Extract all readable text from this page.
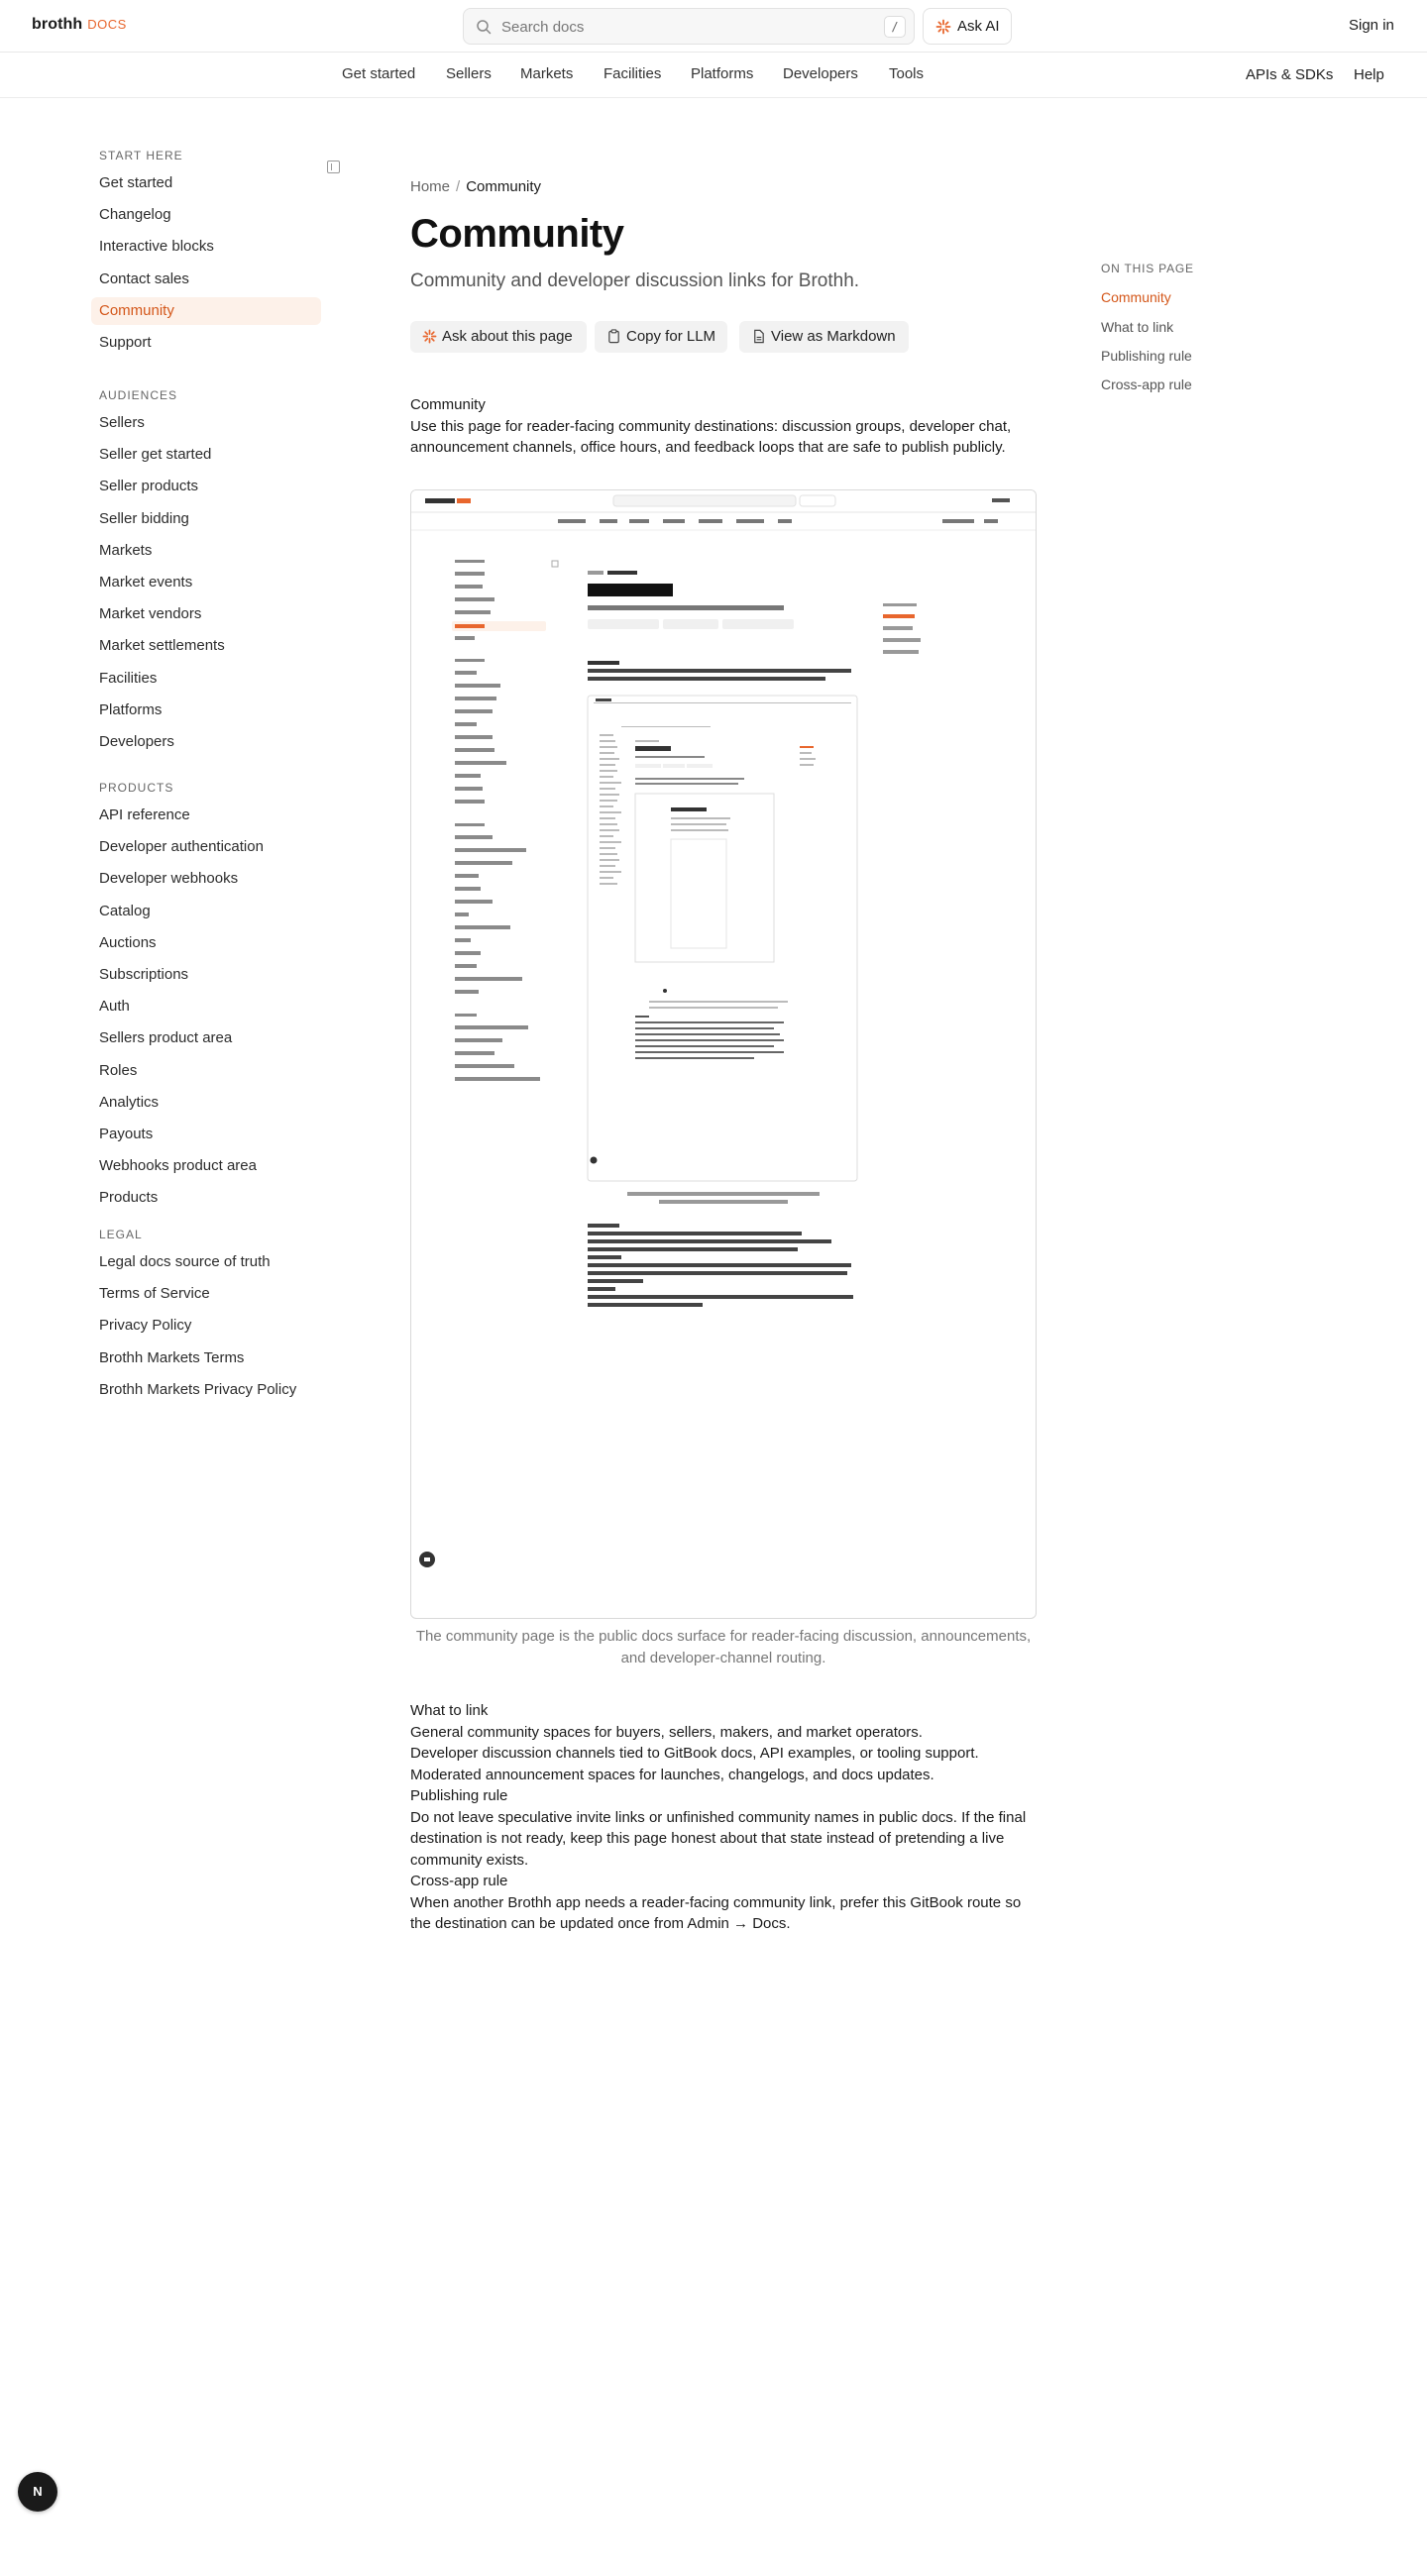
brothh DOCS	Search docs	/	Ask AI	Sign in
Get started Sellers Markets Facilities Platforms Developers Tools	APIs & SDKs Help
START HERE
Get started
Changelog
Interactive blocks
Contact sales
Community
Support
AUDIENCES
Sellers
Seller get started
Seller products
Seller bidding
Markets
Market events
Market vendors
Market settlements
Facilities
Platforms
Developers
PRODUCTS
API reference
Developer authentication
Developer webhooks
Catalog
Auctions
Subscriptions
Auth
Sellers product area
Roles
Analytics
Payouts
Webhooks product area
Products
LEGAL
Legal docs source of truth
Terms of Service
Privacy Policy
Brothh Markets Terms
Brothh Markets Privacy Policy
Home / Community
Community
Community and developer discussion links for Brothh.
Ask about this page	Copy for LLM	View as Markdown
Community
Use this page for reader-facing community destinations: discussion groups, developer chat, announcement channels, office hours, and feedback loops that are safe to publish publicly.
The community page is the public docs surface for reader-facing discussion, announcements, and developer-channel routing.
What to link
General community spaces for buyers, sellers, makers, and market operators.
Developer discussion channels tied to GitBook docs, API examples, or tooling support.
Moderated announcement spaces for launches, changelogs, and docs updates.
Publishing rule
Do not leave speculative invite links or unfinished community names in public docs. If the final destination is not ready, keep this page honest about that state instead of pretending a live community exists.
Cross-app rule
When another Brothh app needs a reader-facing community link, prefer this GitBook route so the destination can be updated once from Admin → Docs.
ON THIS PAGE
Community
What to link
Publishing rule
Cross-app rule
N
